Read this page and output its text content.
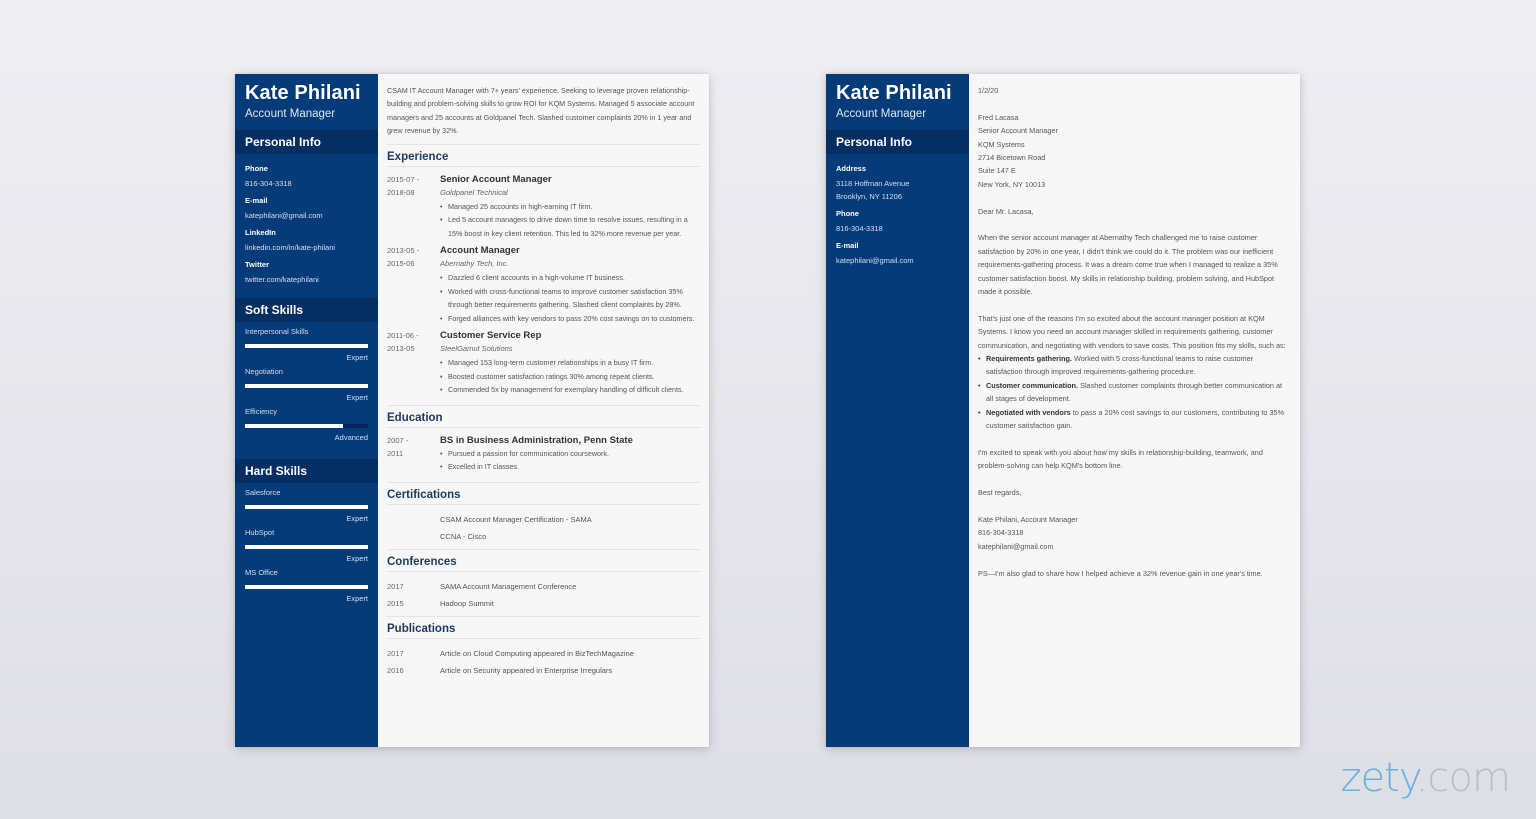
Kate Philani
Account Manager
Personal Info
Phone
816-304-3318
E-mail
katephilani@gmail.com
LinkedIn
linkedin.com/in/kate-philani
Twitter
twitter.com/katephilani
Soft Skills
Interpersonal Skills
Expert
Negotiation
Expert
Efficiency
Advanced
Hard Skills
Salesforce
Expert
HubSpot
Expert
MS Office
Expert
CSAM IT Account Manager with 7+ years' experience. Seeking to leverage proven relationship-building and problem-solving skills to grow ROI for KQM Systems. Managed 5 associate account managers and 25 accounts at Goldpanel Tech. Slashed customer complaints 20% in 1 year and grew revenue by 32%.
Experience
2015-07 -
2018-08
Senior Account Manager
Goldpanel Technical
• Managed 25 accounts in high-earning IT firm.
• Led 5 account managers to drive down time to resolve issues, resulting in a 15% boost in key client retention. This led to 32% more revenue per year.
2013-05 -
2015-06
Account Manager
Abernathy Tech, Inc.
• Dazzled 6 client accounts in a high-volume IT business.
• Worked with cross-functional teams to improve customer satisfaction 35% through better requirements gathering. Slashed client complaints by 28%.
• Forged alliances with key vendors to pass 20% cost savings on to customers.
2011-06 -
2013-05
Customer Service Rep
SteelGamut Solutions
• Managed 153 long-term customer relationships in a busy IT firm.
• Boosted customer satisfaction ratings 30% among repeat clients.
• Commended 5x by management for exemplary handling of difficult clients.
Education
2007 -
2011
BS in Business Administration, Penn State
• Pursued a passion for communication coursework.
• Excelled in IT classes.
Certifications
CSAM Account Manager Certification - SAMA
CCNA - Cisco
Conferences
2017	SAMA Account Management Conference
2015	Hadoop Summit
Publications
2017	Article on Cloud Computing appeared in BizTechMagazine
2016	Article on Security appeared in Enterprise Irregulars
Kate Philani
Account Manager
Personal Info
Address
3118 Hoffman Avenue
Brooklyn, NY 11206
Phone
816-304-3318
E-mail
katephilani@gmail.com

1/2/20

Fred Lacasa
Senior Account Manager
KQM Systems
2714 Bicetown Road
Suite 147 E
New York, NY 10013

Dear Mr. Lacasa,

When the senior account manager at Abernathy Tech challenged me to raise customer satisfaction by 20% in one year, I didn't think we could do it. The problem was our inefficient requirements-gathering process. It was a dream come true when I managed to realize a 35% customer satisfaction boost. My skills in relationship building, problem solving, and HubSpot made it possible.

That's just one of the reasons I'm so excited about the account manager position at KQM Systems. I know you need an account manager skilled in requirements gathering, customer communication, and negotiating with vendors to save costs. This position fits my skills, such as:

• Requirements gathering. Worked with 5 cross-functional teams to raise customer satisfaction through improved requirements-gathering procedure.
• Customer communication. Slashed customer complaints through better communication at all stages of development.
• Negotiated with vendors to pass a 20% cost savings to our customers, contributing to 35% customer satisfaction gain.

I'm excited to speak with you about how my skills in relationship-building, teamwork, and problem-solving can help KQM's bottom line.

Best regards,

Kate Philani, Account Manager
816-304-3318
katephilani@gmail.com

PS—I'm also glad to share how I helped achieve a 32% revenue gain in one year's time.

zety.com
